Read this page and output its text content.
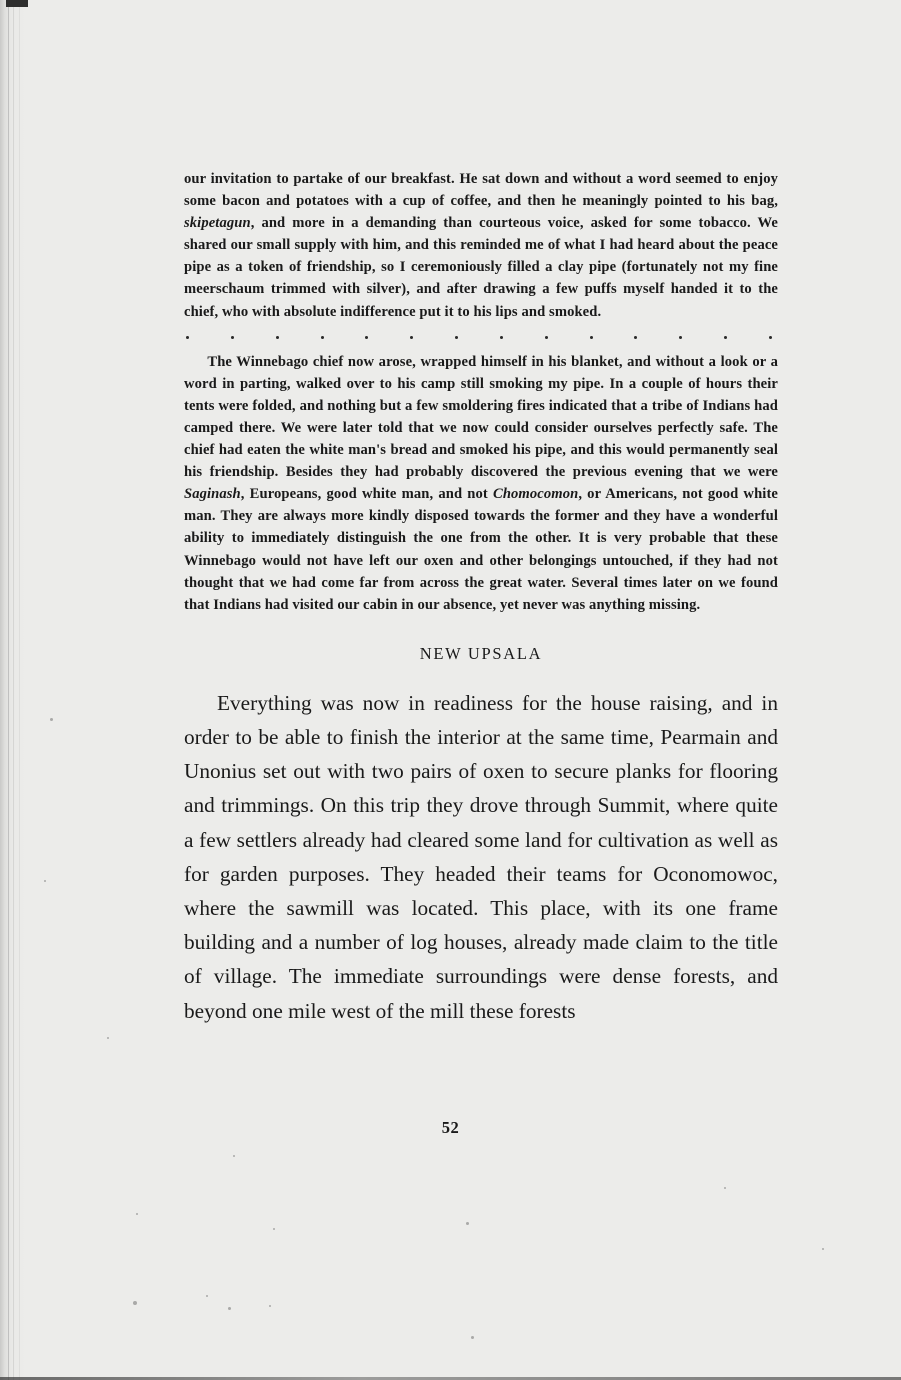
our invitation to partake of our breakfast. He sat down and without a word seemed to enjoy some bacon and potatoes with a cup of coffee, and then he meaningly pointed to his bag, skipetagun, and more in a demanding than courteous voice, asked for some tobacco. We shared our small supply with him, and this reminded me of what I had heard about the peace pipe as a token of friendship, so I ceremoniously filled a clay pipe (fortunately not my fine meerschaum trimmed with silver), and after drawing a few puffs myself handed it to the chief, who with absolute indifference put it to his lips and smoked.

The Winnebago chief now arose, wrapped himself in his blanket, and without a look or a word in parting, walked over to his camp still smoking my pipe. In a couple of hours their tents were folded, and nothing but a few smoldering fires indicated that a tribe of Indians had camped there. We were later told that we now could consider ourselves perfectly safe. The chief had eaten the white man's bread and smoked his pipe, and this would permanently seal his friendship. Besides they had probably discovered the previous evening that we were Saginash, Europeans, good white man, and not Chomocomon, or Americans, not good white man. They are always more kindly disposed towards the former and they have a wonderful ability to immediately distinguish the one from the other. It is very probable that these Winnebago would not have left our oxen and other belongings untouched, if they had not thought that we had come far from across the great water. Several times later on we found that Indians had visited our cabin in our absence, yet never was anything missing.

NEW UPSALA

Everything was now in readiness for the house raising, and in order to be able to finish the interior at the same time, Pearmain and Unonius set out with two pairs of oxen to secure planks for flooring and trimmings. On this trip they drove through Summit, where quite a few settlers already had cleared some land for cultivation as well as for garden purposes. They headed their teams for Oconomowoc, where the sawmill was located. This place, with its one frame building and a number of log houses, already made claim to the title of village. The immediate surroundings were dense forests, and beyond one mile west of the mill these forests

52
